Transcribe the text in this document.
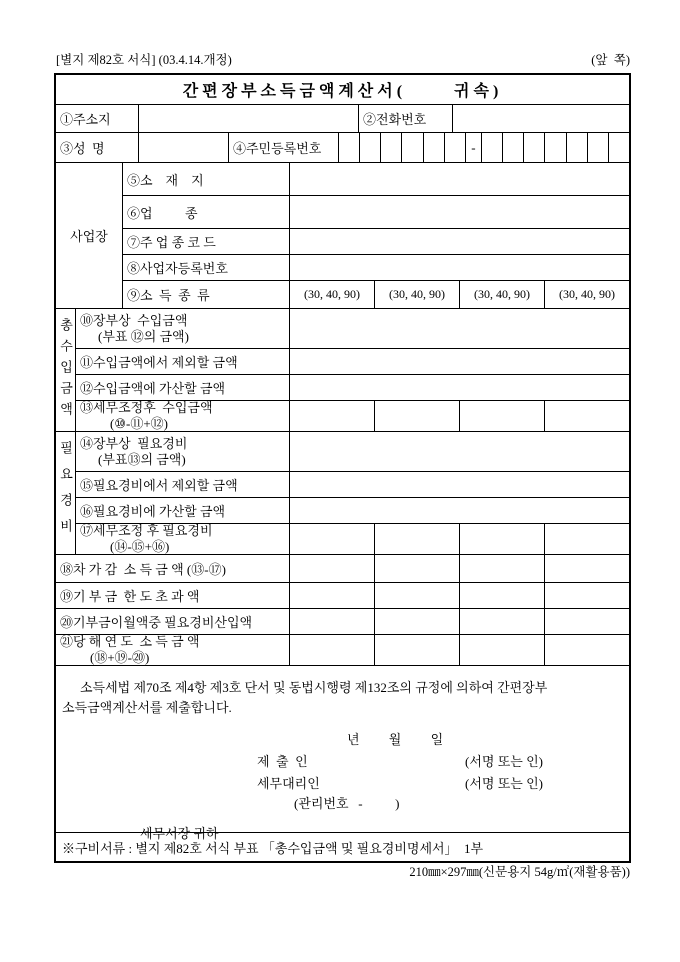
[별지 제82호 서식] (03.4.14.개정)	(앞  쪽)
간편장부소득금액계산서(      귀속)
①주소지	②전화번호
③성  명	④주민등록번호	-
사업장
⑤소    재    지
⑥업          종
⑦주 업 종 코 드
⑧사업자등록번호
⑨소  득  종  류	(30, 40, 90)	(30, 40, 90)	(30, 40, 90)	(30, 40, 90)
총수입금액 ⑩장부상  수입금액
(부표 ⑫의 금액)
⑪수입금액에서 제외할 금액
⑫수입금액에 가산할 금액
⑬세무조정후  수입금액
(⑩-⑪+⑫)
필요경비 ⑭장부상  필요경비
(부표⑬의 금액)
⑮필요경비에서 제외할 금액
⑯필요경비에 가산할 금액
⑰세무조정 후 필요경비
(⑭-⑮+⑯)
⑱차 가 감  소 득 금 액 (⑬-⑰)
⑲기 부 금  한 도 초 과 액
⑳기부금이월액중 필요경비산입액
㉑당 해 연 도  소 득 금 액
(⑱+⑲-⑳)
소득세법 제70조 제4항 제3호 단서 및 동법시행령 제132조의 규정에 의하여 간편장부
소득금액계산서를 제출합니다.
년         월         일
제  출  인	(서명 또는 인)
세무대리인	(서명 또는 인)
(관리번호   -          )
세무서장 귀하
※구비서류 : 별지 제82호 서식 부표 「총수입금액 및 필요경비명세서」  1부
210㎜×297㎜(신문용지 54g/㎡(재활용품))
